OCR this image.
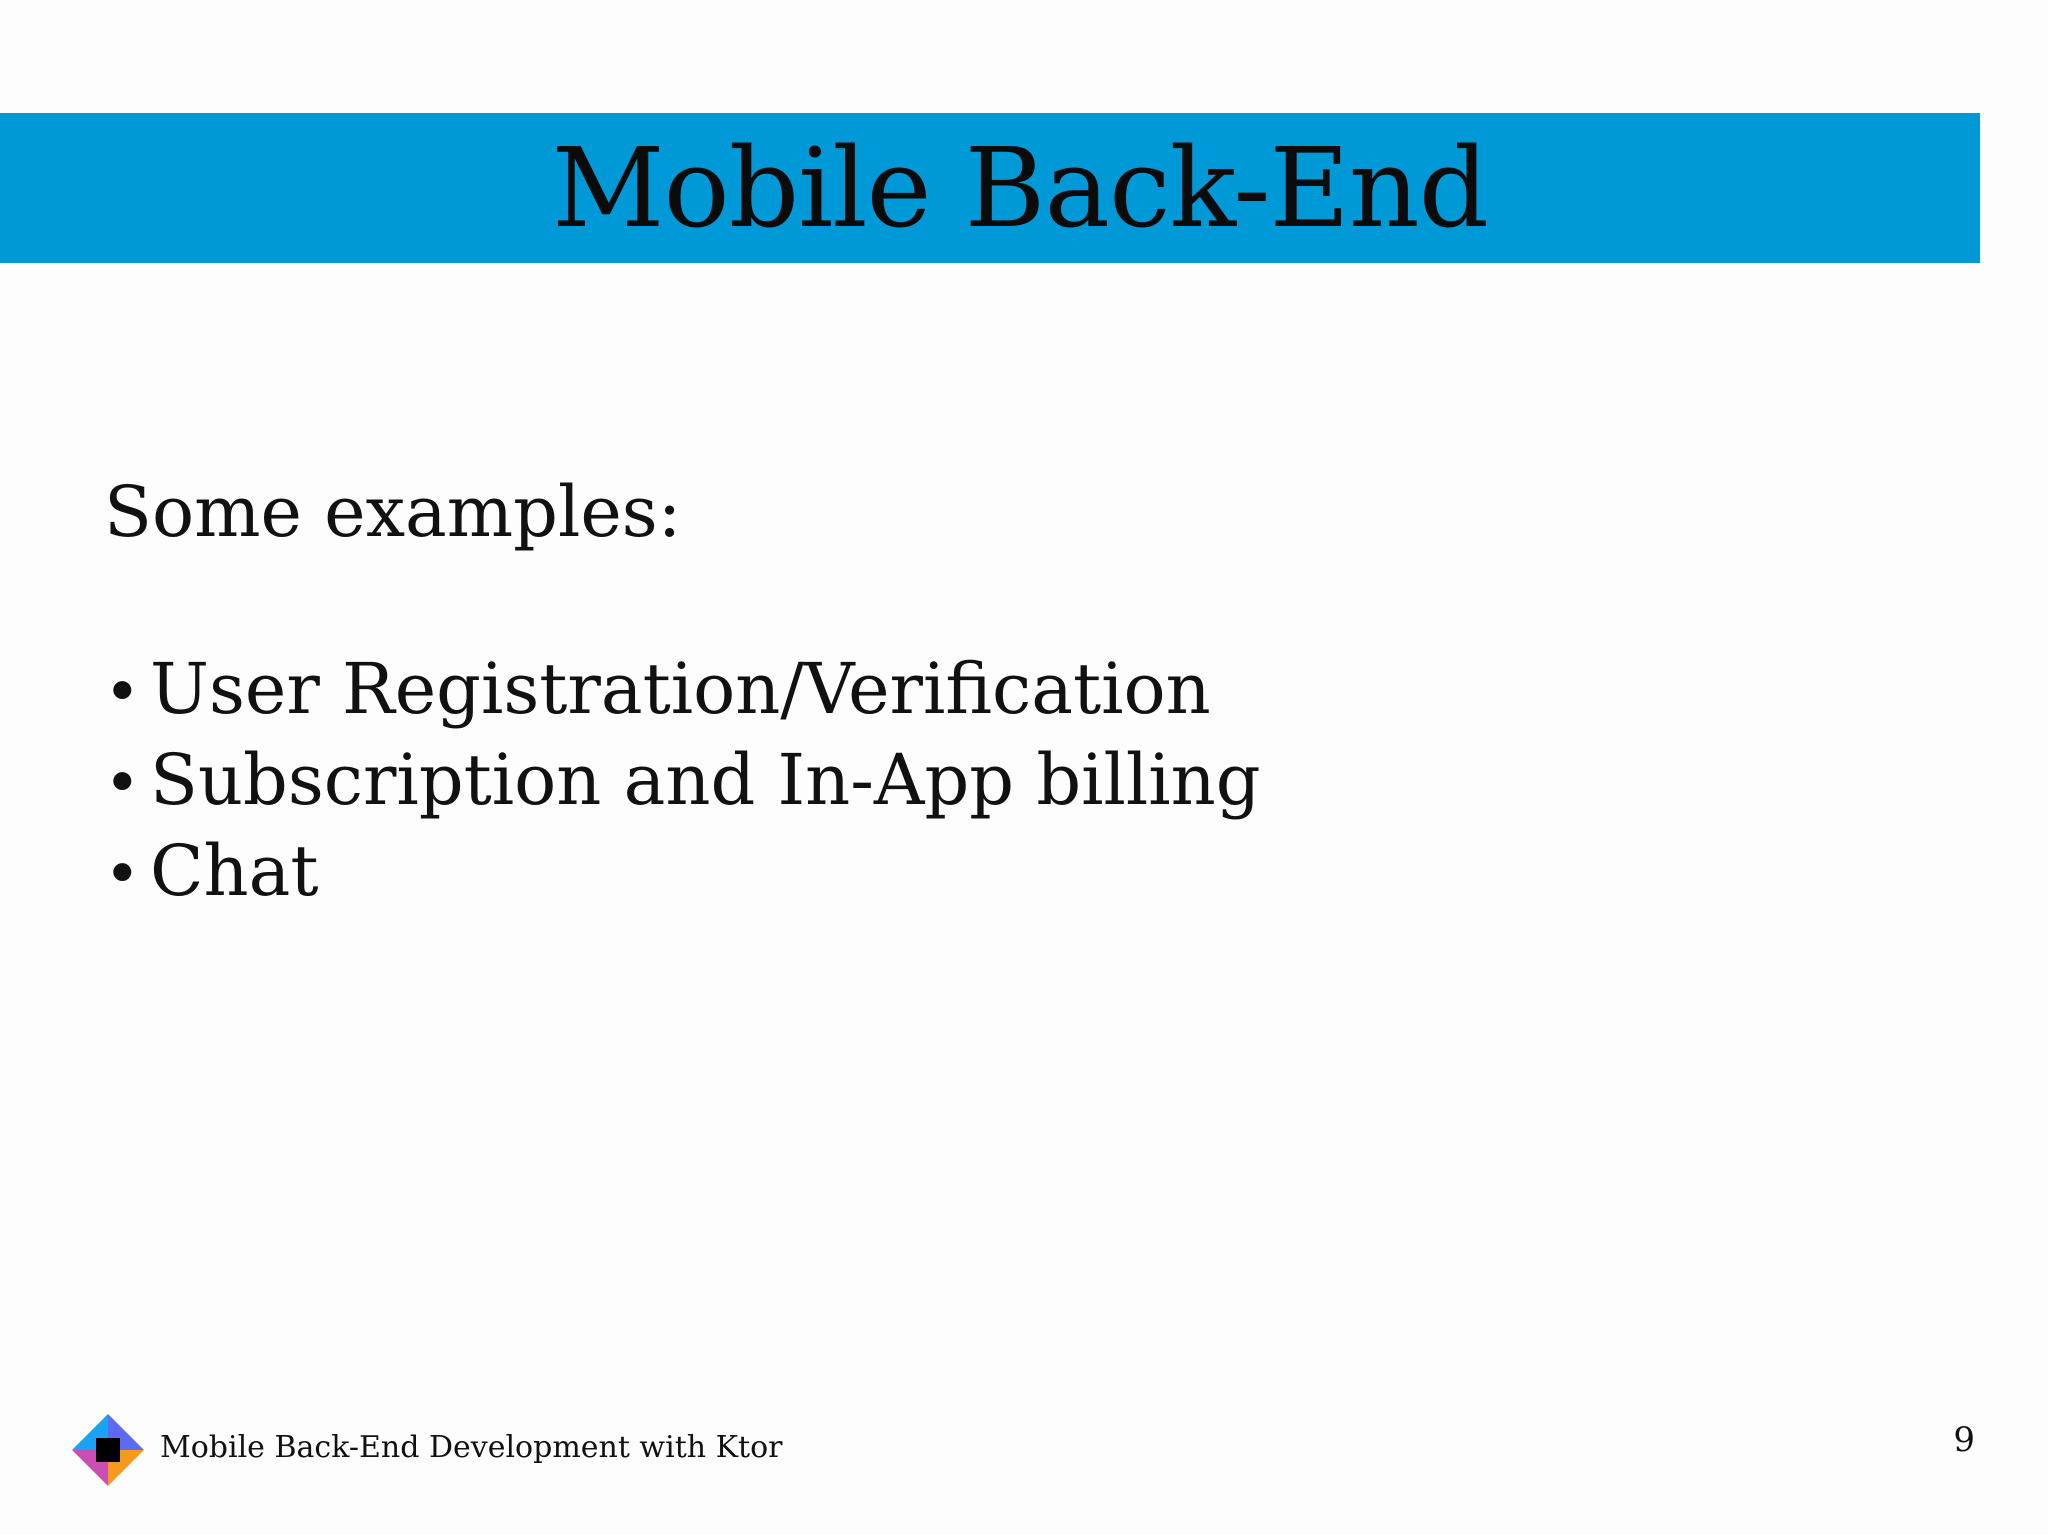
Mobile Back-End

Some examples:

• User Registration/Verification
• Subscription and In-App billing
• Chat
Mobile Back-End Development with Ktor	9
